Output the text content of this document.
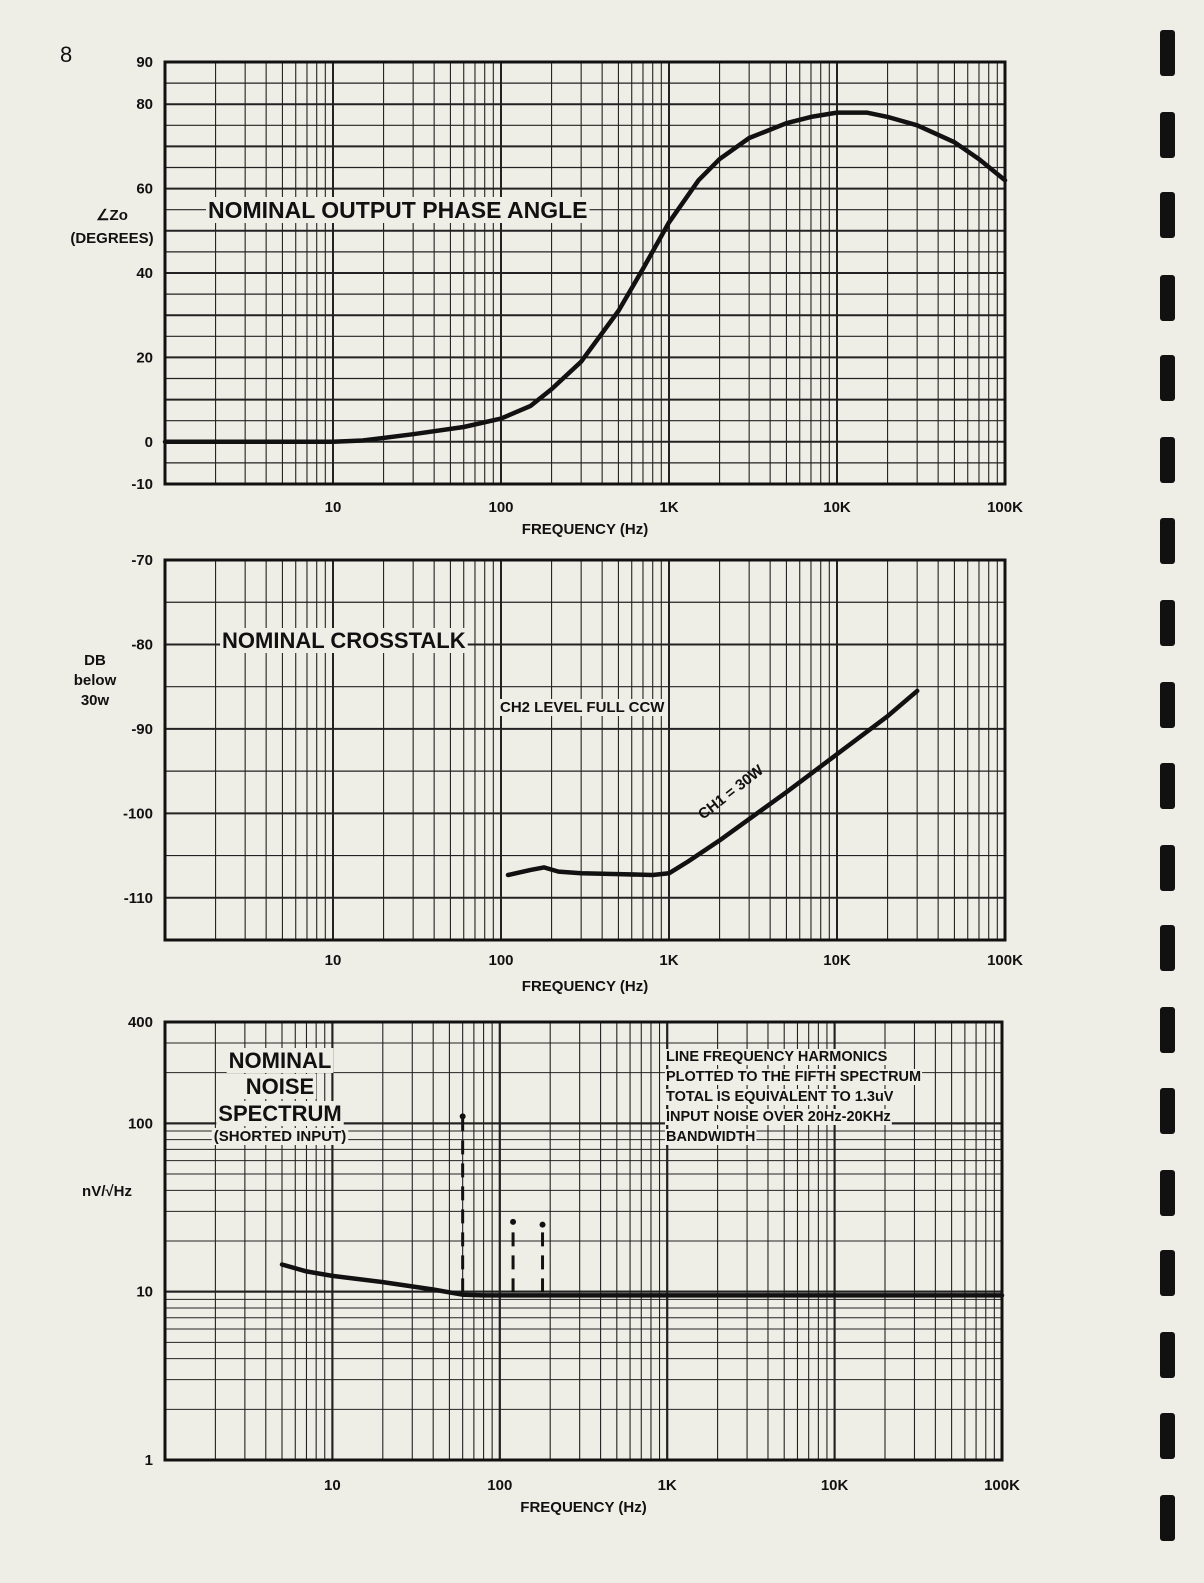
8
10	100	1K	10K	100K
90
80
60
40
20
0
-10
FREQUENCY (Hz)
NOMINAL OUTPUT PHASE ANGLE
∠Zo
(DEGREES)
10	100	1K	10K	100K
-70
-80
-90
-100
-110
FREQUENCY (Hz)
NOMINAL CROSSTALK
CH2 LEVEL FULL CCW
CH1 = 30W
DB
below
30w
10	100	1K	10K	100K
400
100
10
1
FREQUENCY (Hz)
NOMINAL
NOISE
SPECTRUM
(SHORTED INPUT)
LINE FREQUENCY HARMONICS
PLOTTED TO THE FIFTH SPECTRUM
TOTAL IS EQUIVALENT TO 1.3uV
INPUT NOISE OVER 20Hz-20KHz
BANDWIDTH
nV/√Hz
